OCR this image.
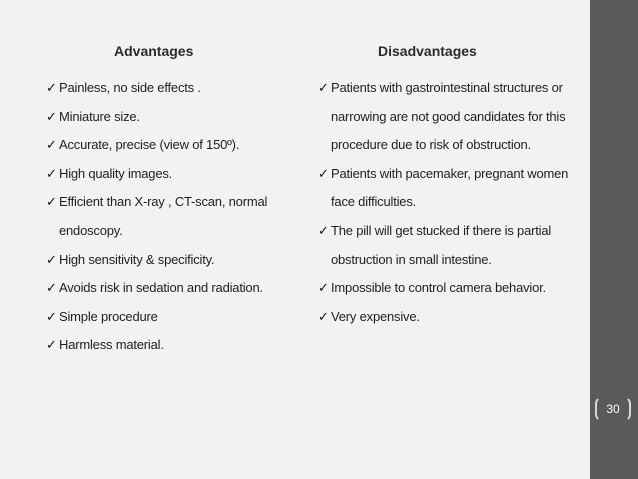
Advantages
✓ Painless, no side effects .
✓ Miniature size.
✓ Accurate, precise (view of 150º).
✓ High quality images.
✓ Efficient than X-ray , CT-scan, normal endoscopy.
✓ High sensitivity & specificity.
✓ Avoids risk in sedation and radiation.
✓ Simple procedure
✓ Harmless material.
Disadvantages
✓ Patients with gastrointestinal structures or narrowing are not good candidates for this procedure due to risk of obstruction.
✓ Patients with pacemaker, pregnant women face difficulties.
✓ The pill will get stucked if there is partial obstruction in small intestine.
✓ Impossible to control camera behavior.
✓ Very expensive.
30
